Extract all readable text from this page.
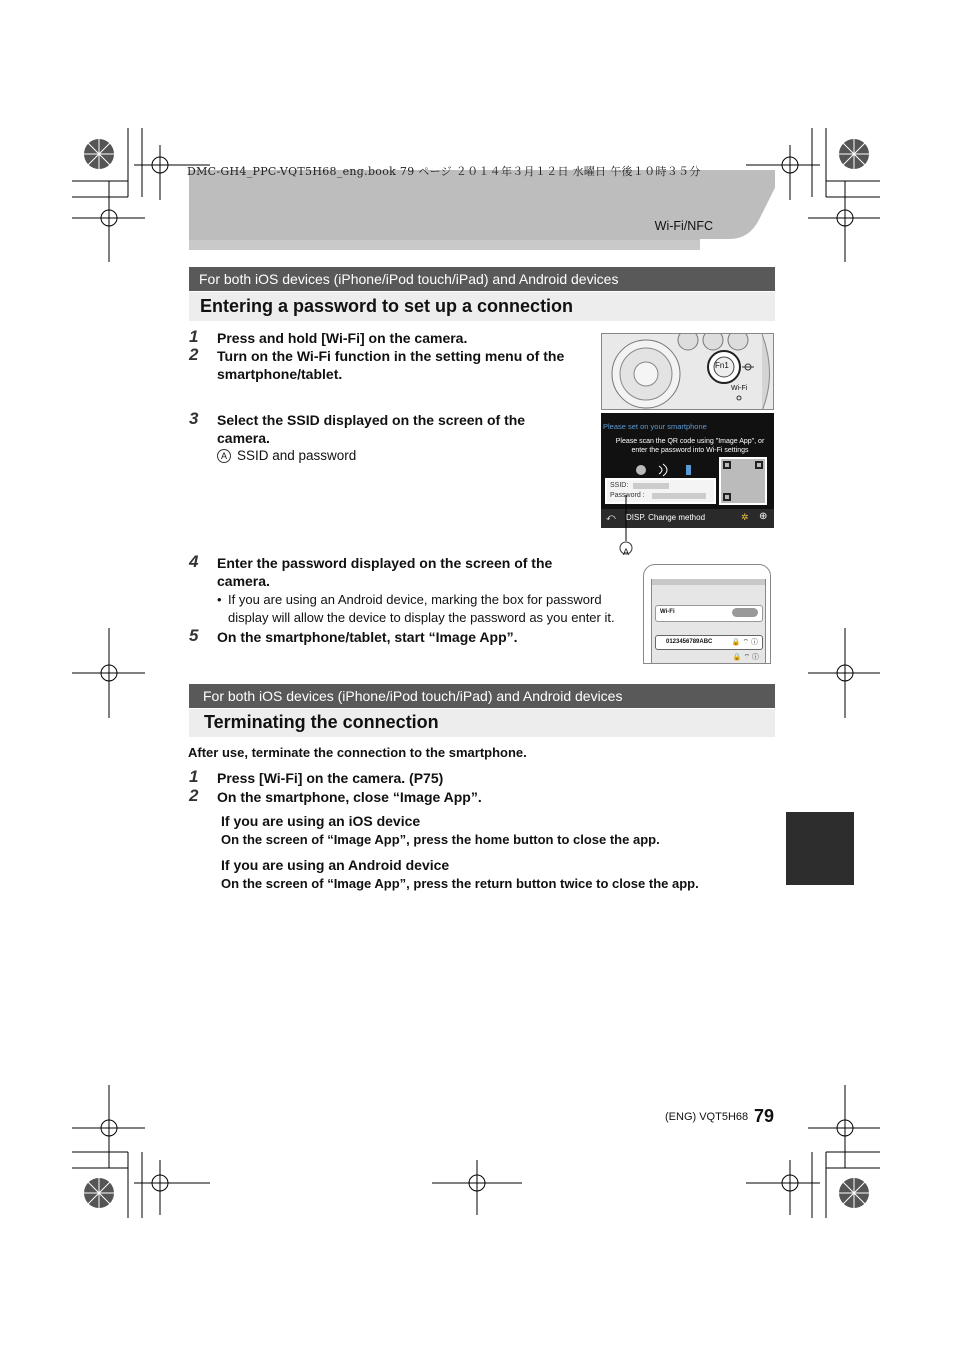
DMC-GH4_PPC-VQT5H68_eng.book 79 ページ ２０１４年３月１２日 水曜日 午後１０時３５分
Wi-Fi/NFC
For both iOS devices (iPhone/iPod touch/iPad) and Android devices
Entering a password to set up a connection
1 Press and hold [Wi-Fi] on the camera.
2 Turn on the Wi-Fi function in the setting menu of the smartphone/tablet.
3 Select the SSID displayed on the screen of the camera.
A SSID and password
Fn1
Wi-Fi
Please set on your smartphone
Please scan the QR code using "Image App", or enter the password into Wi-Fi settings
SSID:
Password :
⤺ DISP. Change method	✲ ⊕
A
4 Enter the password displayed on the screen of the camera.
• If you are using an Android device, marking the box for password display will allow the device to display the password as you enter it.	Wi-Fi
0123456789ABC	🔒 ⌔ ⓘ
🔒 ⌔ ⓘ
5 On the smartphone/tablet, start “Image App”.
For both iOS devices (iPhone/iPod touch/iPad) and Android devices
Terminating the connection
After use, terminate the connection to the smartphone.
1 Press [Wi-Fi] on the camera. (P75)
2 On the smartphone, close “Image App”.
If you are using an iOS device
On the screen of “Image App”, press the home button to close the app.
If you are using an Android device
On the screen of “Image App”, press the return button twice to close the app.
(ENG) VQT5H68 79
